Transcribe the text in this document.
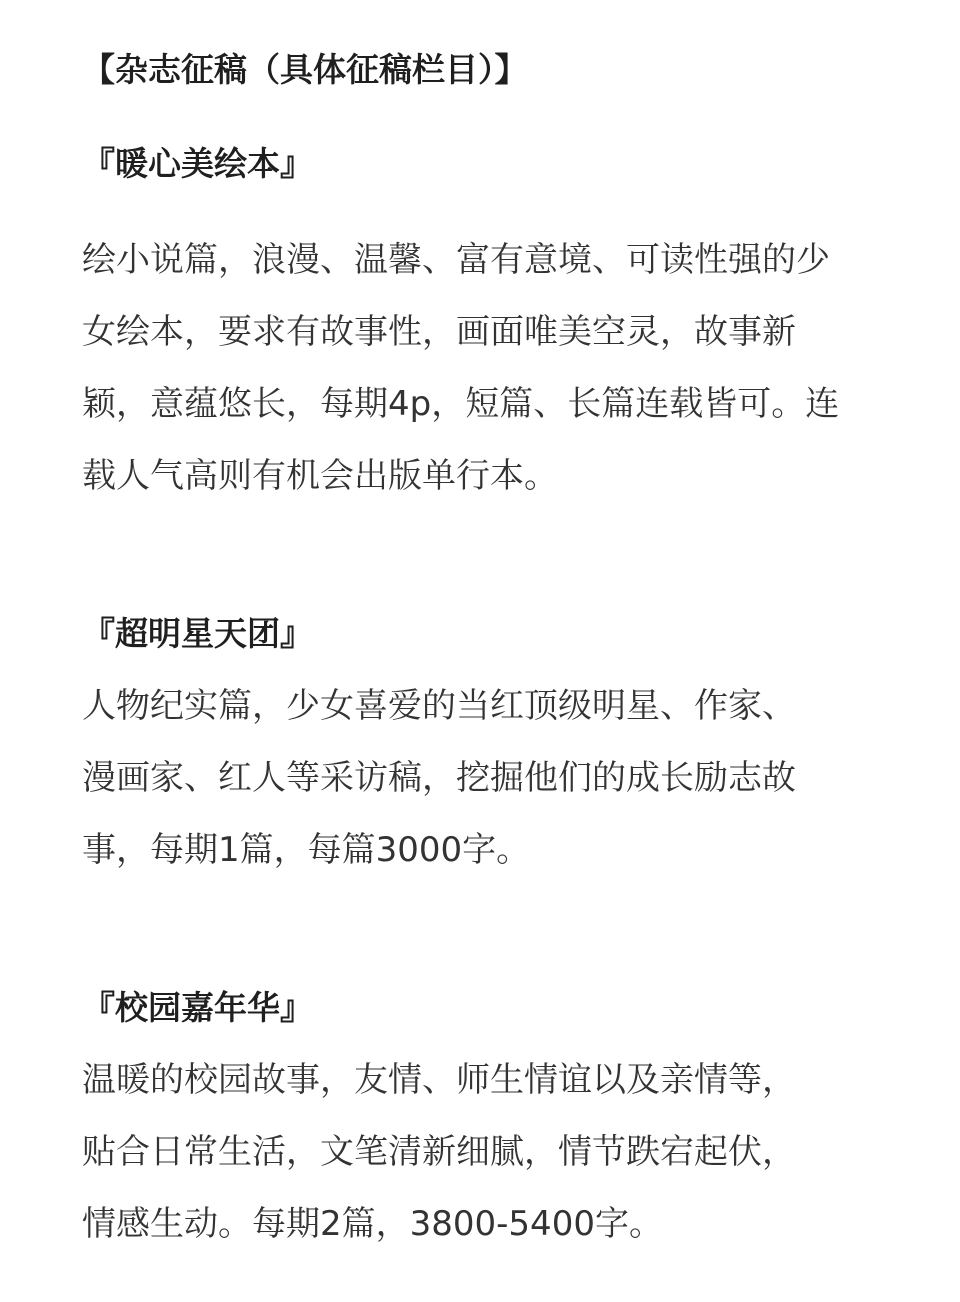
【杂志征稿（具体征稿栏目）】
『暖心美绘本』
绘小说篇，浪漫、温馨、富有意境、可读性强的少
女绘本，要求有故事性，画面唯美空灵，故事新
颖，意蕴悠长，每期4p，短篇、长篇连载皆可。连
载人气高则有机会出版单行本。
『超明星天团』
人物纪实篇，少女喜爱的当红顶级明星、作家、
漫画家、红人等采访稿，挖掘他们的成长励志故
事，每期1篇，每篇3000字。
『校园嘉年华』
温暖的校园故事，友情、师生情谊以及亲情等，
贴合日常生活，文笔清新细腻，情节跌宕起伏，
情感生动。每期2篇，3800-5400字。
